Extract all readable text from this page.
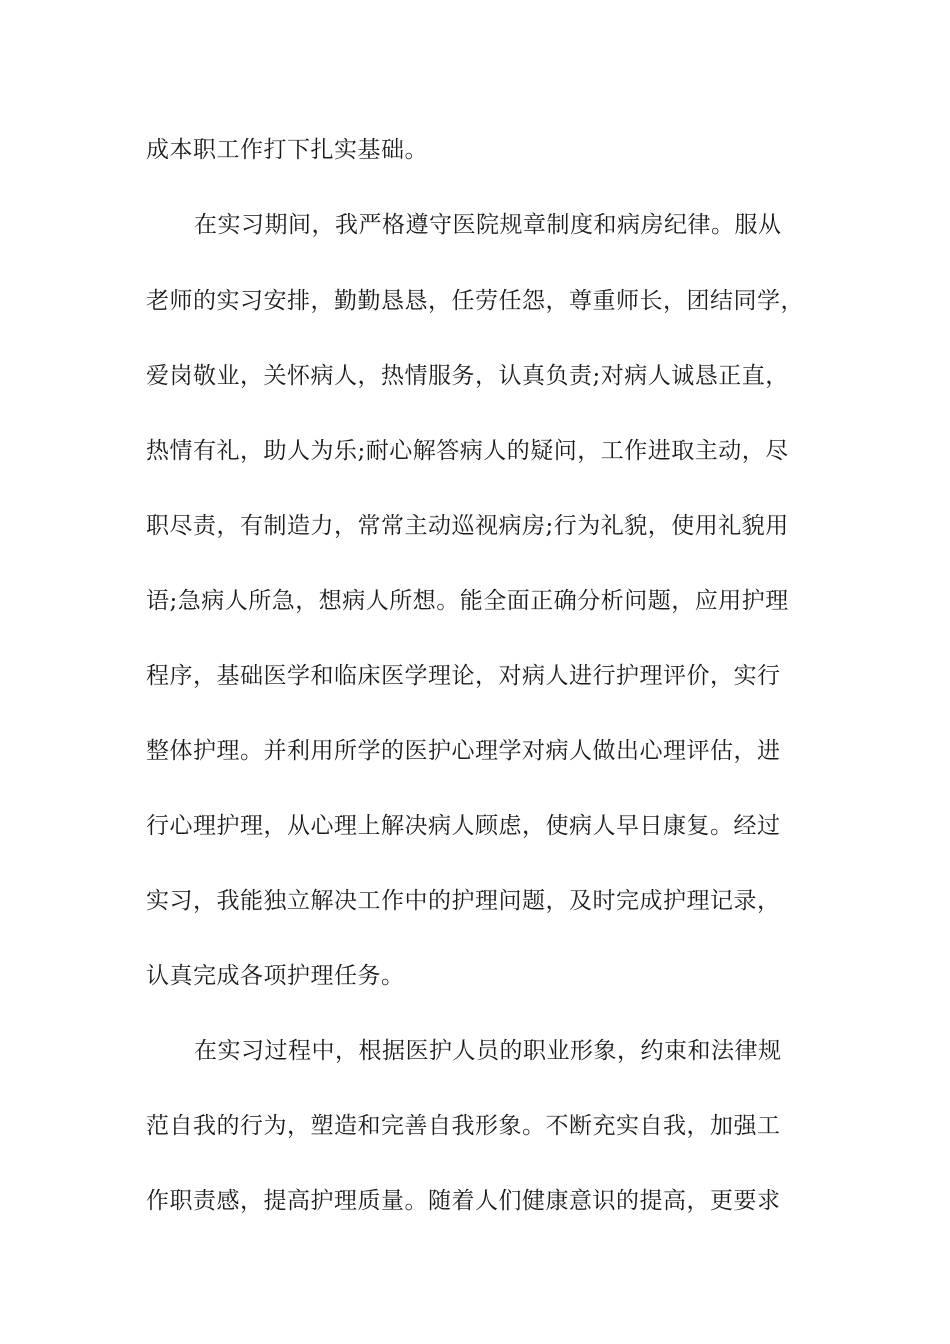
成本职工作打下扎实基础。
在实习期间，我严格遵守医院规章制度和病房纪律。服从
老师的实习安排，勤勤恳恳，任劳任怨，尊重师长，团结同学，
爱岗敬业，关怀病人，热情服务，认真负责;对病人诚恳正直，
热情有礼，助人为乐;耐心解答病人的疑问，工作进取主动，尽
职尽责，有制造力，常常主动巡视病房;行为礼貌，使用礼貌用
语;急病人所急，想病人所想。能全面正确分析问题，应用护理
程序，基础医学和临床医学理论，对病人进行护理评价，实行
整体护理。并利用所学的医护心理学对病人做出心理评估，进
行心理护理，从心理上解决病人顾虑，使病人早日康复。经过
实习，我能独立解决工作中的护理问题，及时完成护理记录，
认真完成各项护理任务。
在实习过程中，根据医护人员的职业形象，约束和法律规
范自我的行为，塑造和完善自我形象。不断充实自我，加强工
作职责感，提高护理质量。随着人们健康意识的提高，更要求
